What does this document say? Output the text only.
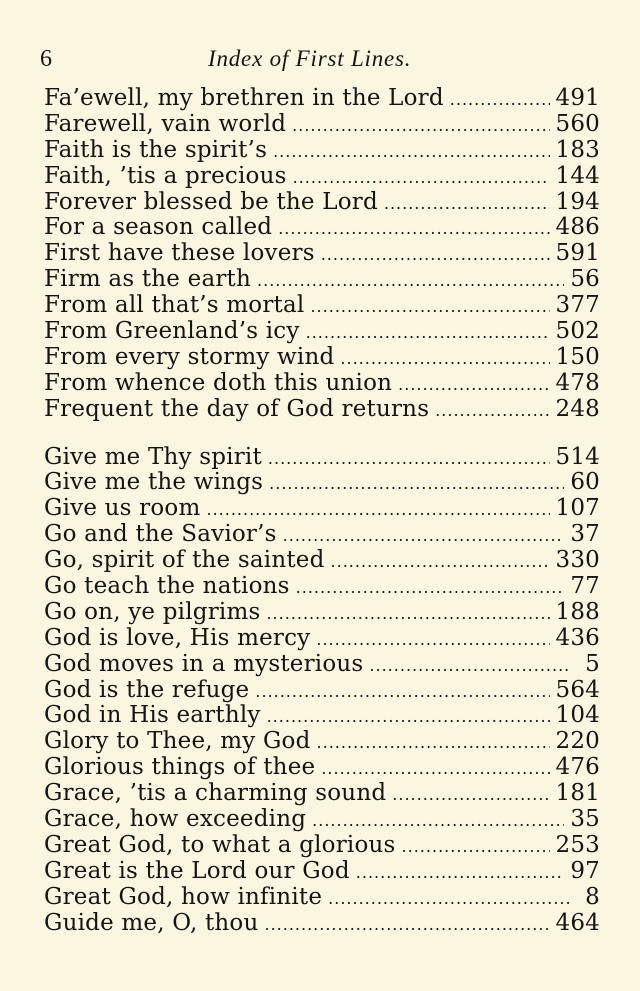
6	Index of First Lines.
Fa’ewell, my brethren in the Lord .....	491
Farewell, vain world .....	560
Faith is the spirit’s .....	183
Faith, ’tis a precious .....	144
Forever blessed be the Lord .....	194
For a season called .....	486
First have these lovers .....	591
Firm as the earth .....	56
From all that’s mortal .....	377
From Greenland’s icy .....	502
From every stormy wind .....	150
From whence doth this union .....	478
Frequent the day of God returns .....	248
Give me Thy spirit .....	514
Give me the wings .....	60
Give us room .....	107
Go and the Savior’s .....	37
Go, spirit of the sainted .....	330
Go teach the nations .....	77
Go on, ye pilgrims .....	188
God is love, His mercy .....	436
God moves in a mysterious .....	5
God is the refuge .....	564
God in His earthly .....	104
Glory to Thee, my God .....	220
Glorious things of thee .....	476
Grace, ’tis a charming sound .....	181
Grace, how exceeding .....	35
Great God, to what a glorious .....	253
Great is the Lord our God .....	97
Great God, how infinite .....	8
Guide me, O, thou .....	464
